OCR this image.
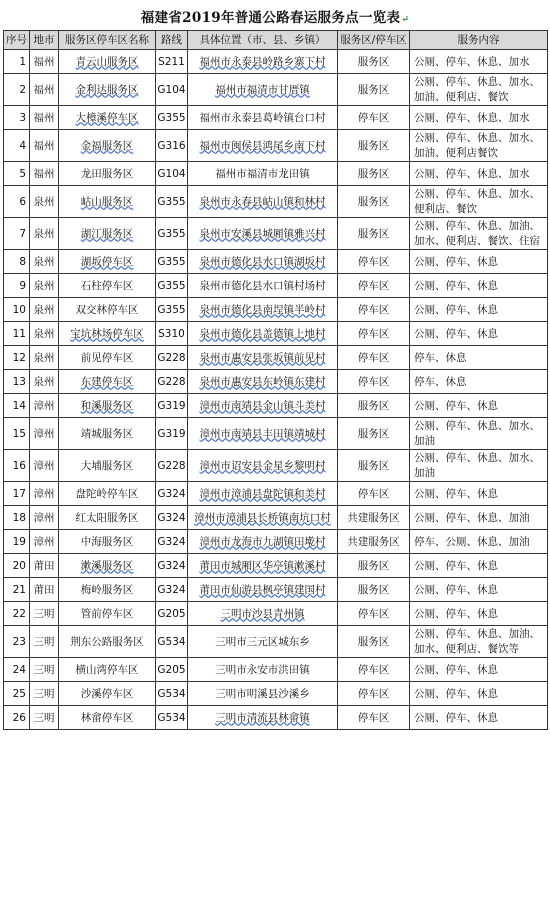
福建省2019年普通公路春运服务点一览表↵
序号	地市	服务区停车区名称	路线	具体位置（市、县、乡镇）	服务区/停车区	服务内容
1	福州	青云山服务区	S211	福州市永泰县岭路乡寨下村	服务区	公厕、停车、休息、加水
2	福州	金利达服务区	G104	福州市福清市甘厝镇	服务区	公厕、停车、休息、加水、加油、便利店、餐饮
3	福州	大樟溪停车区	G355	福州市永泰县葛岭镇台口村	停车区	公厕、停车、休息、加水
4	福州	金福服务区	G316	福州市闽侯县鸿尾乡南下村	服务区	公厕、停车、休息、加水、加油、便利店餐饮
5	福州	龙田服务区	G104	福州市福清市龙田镇	服务区	公厕、停车、休息、加水
6	泉州	岵山服务区	G355	泉州市永春县岵山镇和林村	服务区	公厕、停车、休息、加水、便利店、餐饮
7	泉州	湖江服务区	G355	泉州市安溪县城厢镇雅兴村	服务区	公厕、停车、休息、加油、加水、便利店、餐饮、住宿
8	泉州	湖坂停车区	G355	泉州市德化县水口镇湖坂村	停车区	公厕、停车、休息
9	泉州	石柱停车区	G355	泉州市德化县水口镇村场村	停车区	公厕、停车、休息
10	泉州	双交林停车区	G355	泉州市德化县南埕镇半岭村	停车区	公厕、停车、休息
11	泉州	宝坑林场停车区	S310	泉州市德化县盖德镇上地村	停车区	公厕、停车、休息
12	泉州	前见停车区	G228	泉州市惠安县张坂镇前见村	停车区	停车、休息
13	泉州	东建停车区	G228	泉州市惠安县东岭镇东建村	停车区	停车、休息
14	漳州	和溪服务区	G319	漳州市南靖县金山镇斗美村	服务区	公厕、停车、休息
15	漳州	靖城服务区	G319	漳州市南靖县丰田镇靖城村	服务区	公厕、停车、休息、加水、加油
16	漳州	大埔服务区	G228	漳州市诏安县金星乡黎明村	服务区	公厕、停车、休息、加水、加油
17	漳州	盘陀岭停车区	G324	漳州市漳浦县盘陀镇和美村	停车区	公厕、停车、休息
18	漳州	红太阳服务区	G324	漳州市漳浦县长桥镇南坑口村	共建服务区	公厕、停车、休息、加油
19	漳州	中海服务区	G324	漳州市龙海市九湖镇田墘村	共建服务区	停车、公厕、休息、加油
20	莆田	漱溪服务区	G324	莆田市城厢区华亭镇漱溪村	服务区	公厕、停车、休息
21	莆田	梅岭服务区	G324	莆田市仙游县枫亭镇建国村	服务区	公厕、停车、休息
22	三明	管前停车区	G205	三明市沙县青州镇	停车区	公厕、停车、休息
23	三明	荆东公路服务区	G534	三明市三元区城东乡	服务区	公厕、停车、休息、加油、加水、便利店、餐饮等
24	三明	横山湾停车区	G205	三明市永安市洪田镇	停车区	公厕、停车、休息
25	三明	沙溪停车区	G534	三明市明溪县沙溪乡	停车区	公厕、停车、休息
26	三明	林畲停车区	G534	三明市清流县林畲镇	停车区	公厕、停车、休息
